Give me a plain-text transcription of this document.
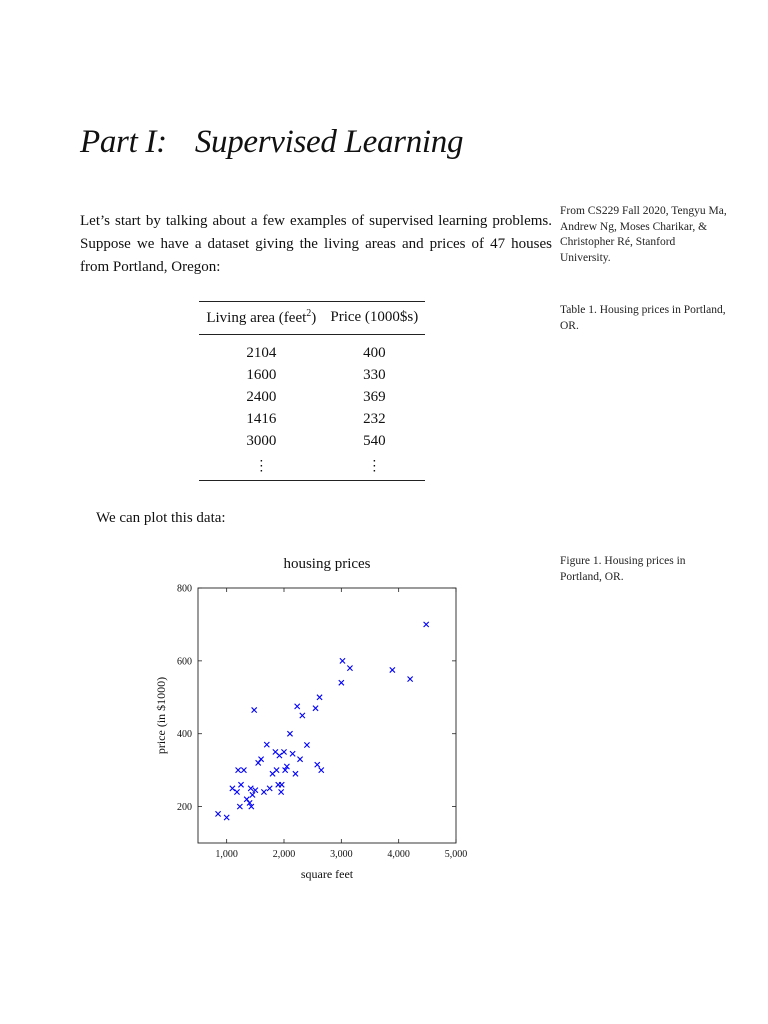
Part I: Supervised Learning
Let’s start by talking about a few examples of supervised learning problems. Suppose we have a dataset giving the living areas and prices of 47 houses from Portland, Oregon:
From CS229 Fall 2020, Tengyu Ma, Andrew Ng, Moses Charikar, & Christopher Ré, Stanford University.
Table 1. Housing prices in Portland, OR.
Figure 1. Housing prices in Portland, OR.
Living area (feet$^2$)	Price (1000$s)
2104	400
1600	330
2400	369
1416	232
3000	540
⋮	⋮
We can plot this data:
housing prices
1,000	2,000	3,000	4,000	5,000
200
400
600
800
square feet
price (in $1000)
